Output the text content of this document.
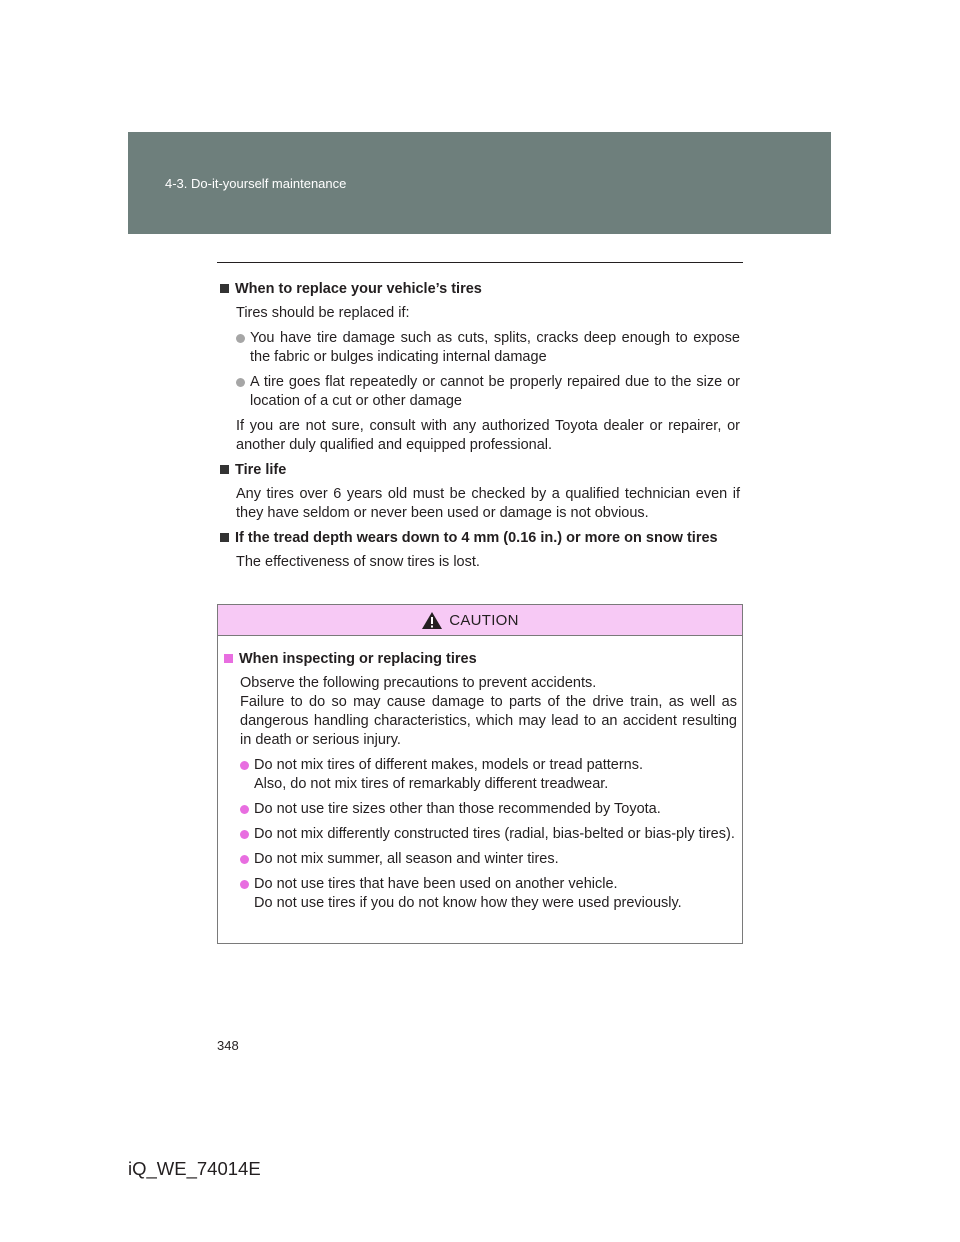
4-3. Do-it-yourself maintenance
When to replace your vehicle’s tires

Tires should be replaced if:

You have tire damage such as cuts, splits, cracks deep enough to expose the fabric or bulges indicating internal damage
A tire goes flat repeatedly or cannot be properly repaired due to the size or location of a cut or other damage

If you are not sure, consult with any authorized Toyota dealer or repairer, or another duly qualified and equipped professional.

Tire life

Any tires over 6 years old must be checked by a qualified technician even if they have seldom or never been used or damage is not obvious.

If the tread depth wears down to 4 mm (0.16 in.) or more on snow tires

The effectiveness of snow tires is lost.

CAUTION
When inspecting or replacing tires

Observe the following precautions to prevent accidents.

Failure to do so may cause damage to parts of the drive train, as well as dangerous handling characteristics, which may lead to an accident resulting in death or serious injury.

Do not mix tires of different makes, models or tread patterns.
Also, do not mix tires of remarkably different treadwear.
Do not use tire sizes other than those recommended by Toyota.
Do not mix differently constructed tires (radial, bias-belted or bias-ply tires).
Do not mix summer, all season and winter tires.
Do not use tires that have been used on another vehicle.
Do not use tires if you do not know how they were used previously.
348
iQ_WE_74014E
